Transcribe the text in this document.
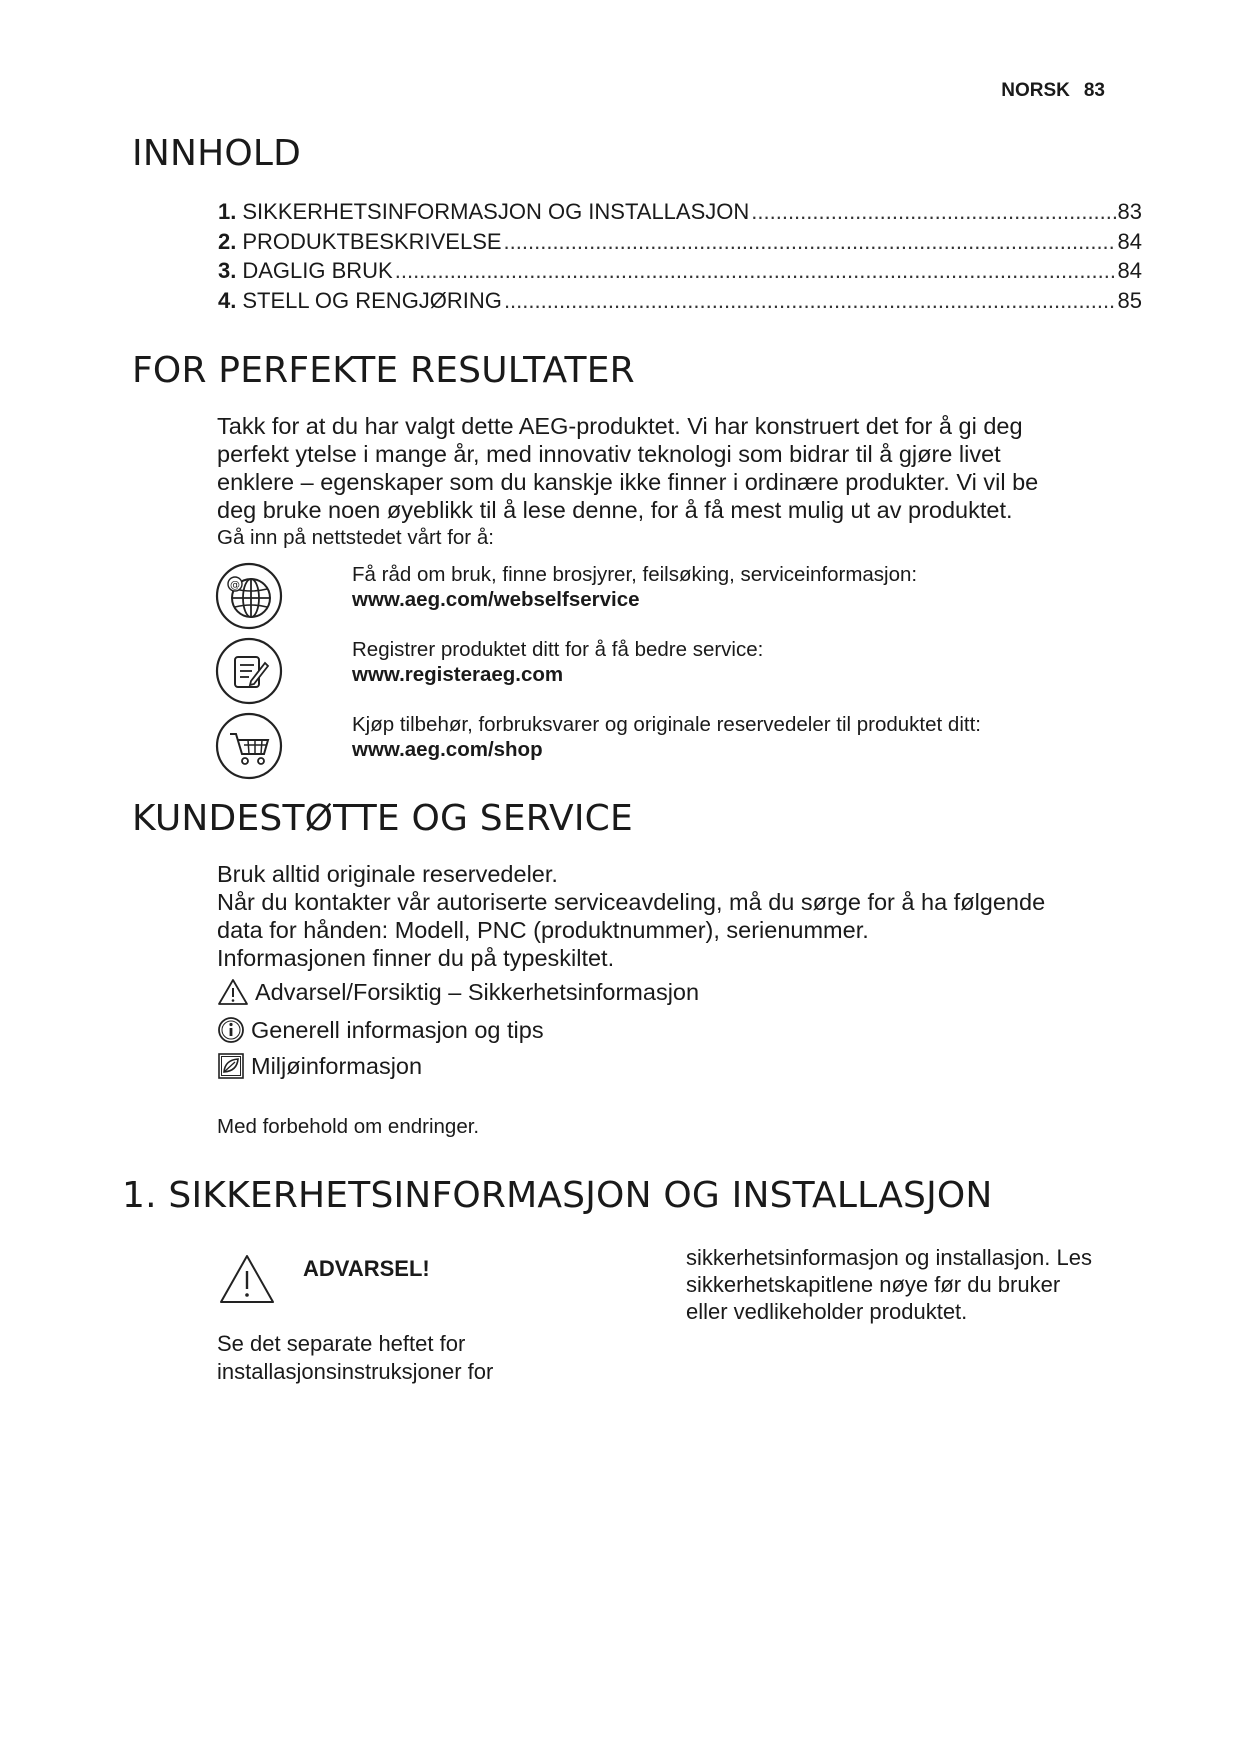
NORSK 83
INNHOLD
1. SIKKERHETSINFORMASJON OG INSTALLASJON .....	83
2. PRODUKTBESKRIVELSE .....	84
3. DAGLIG BRUK .....	84
4. STELL OG RENGJØRING .....	85
FOR PERFEKTE RESULTATER
Takk for at du har valgt dette AEG-produktet. Vi har konstruert det for å gi deg
perfekt ytelse i mange år, med innovativ teknologi som bidrar til å gjøre livet
enklere – egenskaper som du kanskje ikke finner i ordinære produkter. Vi vil be
deg bruke noen øyeblikk til å lese denne, for å få mest mulig ut av produktet.
Gå inn på nettstedet vårt for å:
@	Få råd om bruk, finne brosjyrer, feilsøking, serviceinformasjon:
www.aeg.com/webselfservice
Registrer produktet ditt for å få bedre service:
www.registeraeg.com
Kjøp tilbehør, forbruksvarer og originale reservedeler til produktet ditt:
www.aeg.com/shop
KUNDESTØTTE OG SERVICE
Bruk alltid originale reservedeler.
Når du kontakter vår autoriserte serviceavdeling, må du sørge for å ha følgende
data for hånden: Modell, PNC (produktnummer), serienummer.
Informasjonen finner du på typeskiltet.
Advarsel/Forsiktig – Sikkerhetsinformasjon
Generell informasjon og tips
Miljøinformasjon
Med forbehold om endringer.
1. SIKKERHETSINFORMASJON OG INSTALLASJON
ADVARSEL!
Se det separate heftet for
installasjonsinstruksjoner for
sikkerhetsinformasjon og installasjon. Les
sikkerhetskapitlene nøye før du bruker
eller vedlikeholder produktet.
